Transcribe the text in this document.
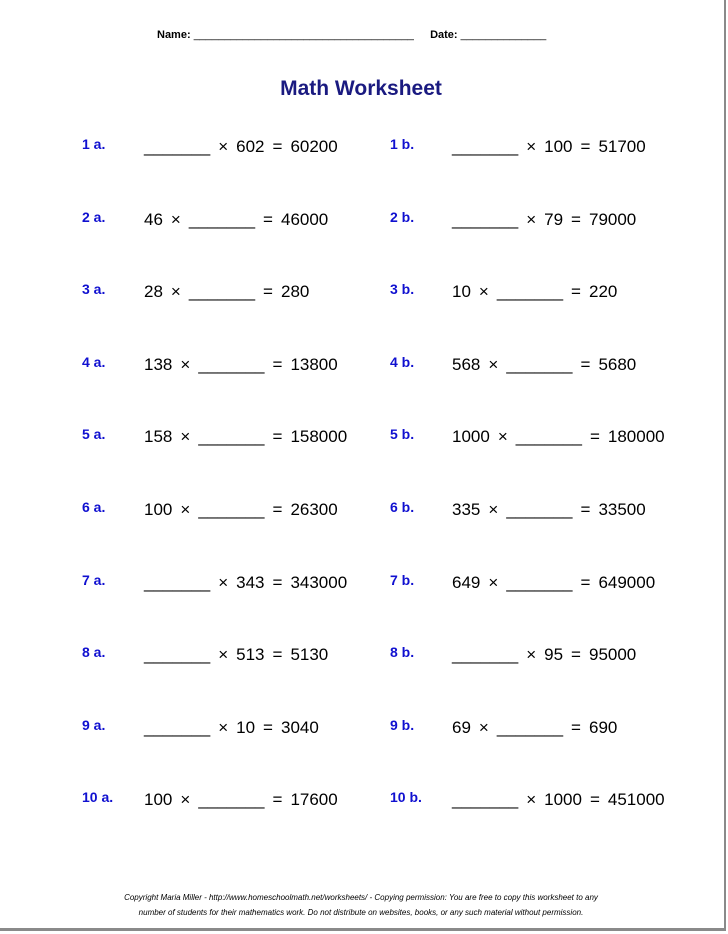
Name: ____________________________________ Date: ______________
Math Worksheet
1 a. _______ × 602 = 60200	1 b. _______ × 100 = 51700
2 a. 46 × _______ = 46000	2 b. _______ × 79 = 79000
3 a. 28 × _______ = 280	3 b. 10 × _______ = 220
4 a. 138 × _______ = 13800	4 b. 568 × _______ = 5680
5 a. 158 × _______ = 158000	5 b. 1000 × _______ = 180000
6 a. 100 × _______ = 26300	6 b. 335 × _______ = 33500
7 a. _______ × 343 = 343000	7 b. 649 × _______ = 649000
8 a. _______ × 513 = 5130	8 b. _______ × 95 = 95000
9 a. _______ × 10 = 3040	9 b. 69 × _______ = 690
10 a. 100 × _______ = 17600	10 b. _______ × 1000 = 451000
Copyright Maria Miller - http://www.homeschoolmath.net/worksheets/ - Copying permission: You are free to copy this worksheet to any
number of students for their mathematics work. Do not distribute on websites, books, or any such material without permission.
